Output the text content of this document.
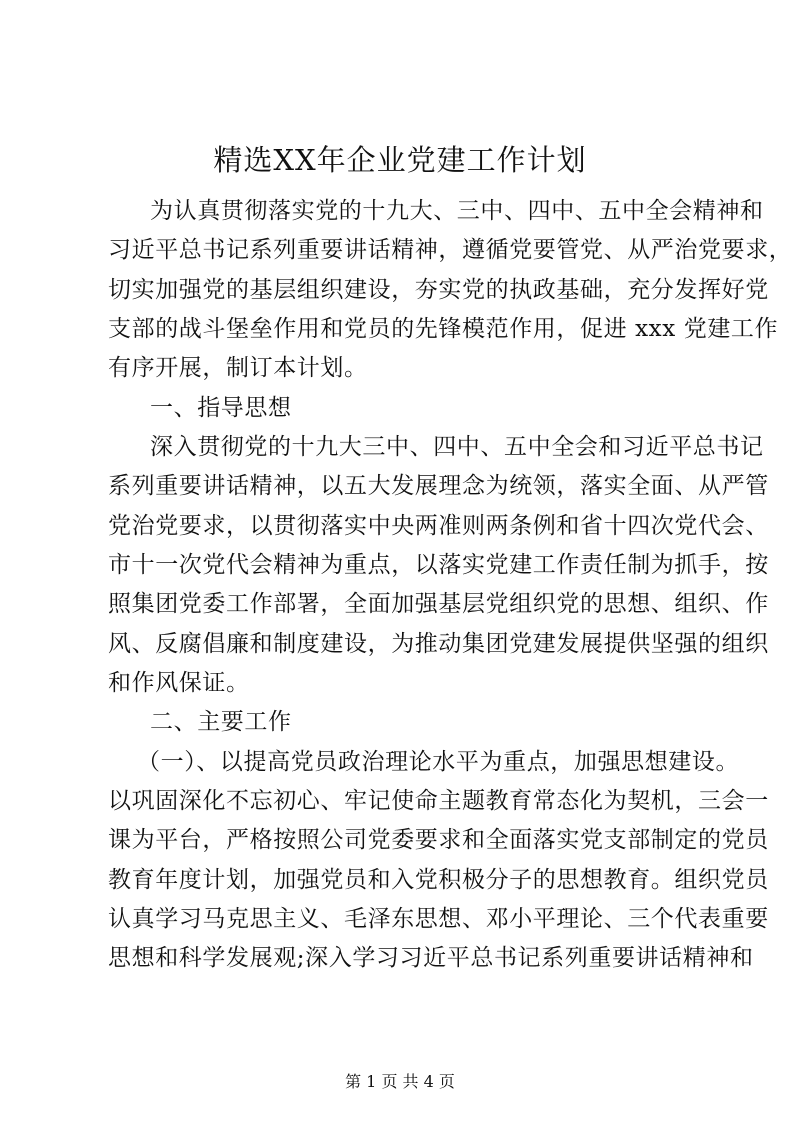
精选XX年企业党建工作计划

为认真贯彻落实党的十九大、三中、四中、五中全会精神和

习近平总书记系列重要讲话精神，遵循党要管党、从严治党要求，

切实加强党的基层组织建设，夯实党的执政基础，充分发挥好党

支部的战斗堡垒作用和党员的先锋模范作用，促进 xxx 党建工作

有序开展，制订本计划。

一、指导思想

深入贯彻党的十九大三中、四中、五中全会和习近平总书记

系列重要讲话精神，以五大发展理念为统领，落实全面、从严管

党治党要求，以贯彻落实中央两准则两条例和省十四次党代会、

市十一次党代会精神为重点，以落实党建工作责任制为抓手，按

照集团党委工作部署，全面加强基层党组织党的思想、组织、作

风、反腐倡廉和制度建设，为推动集团党建发展提供坚强的组织

和作风保证。

二、主要工作

（一）、以提高党员政治理论水平为重点，加强思想建设。

以巩固深化不忘初心、牢记使命主题教育常态化为契机，三会一

课为平台，严格按照公司党委要求和全面落实党支部制定的党员

教育年度计划，加强党员和入党积极分子的思想教育。组织党员

认真学习马克思主义、毛泽东思想、邓小平理论、三个代表重要

思想和科学发展观;深入学习习近平总书记系列重要讲话精神和

第 1 页 共 4 页
